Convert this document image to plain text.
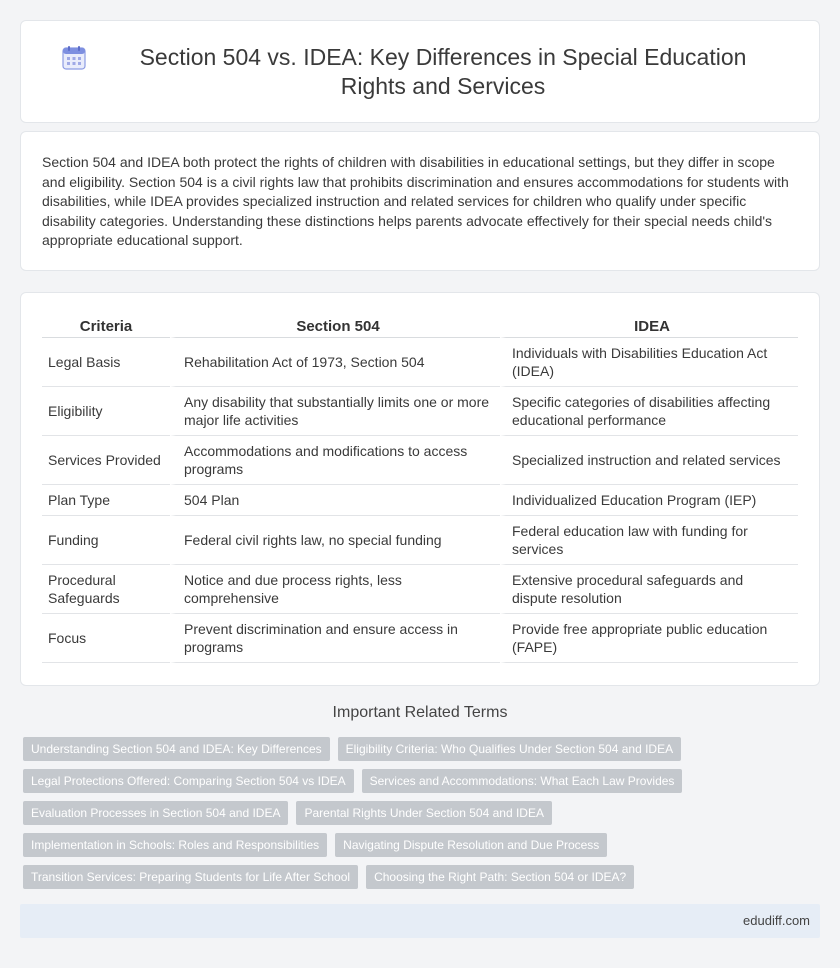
Section 504 vs. IDEA: Key Differences in Special Education Rights and Services

Section 504 and IDEA both protect the rights of children with disabilities in educational settings, but they differ in scope and eligibility. Section 504 is a civil rights law that prohibits discrimination and ensures accommodations for students with disabilities, while IDEA provides specialized instruction and related services for children who qualify under specific disability categories. Understanding these distinctions helps parents advocate effectively for their special needs child's appropriate educational support.

Criteria	Section 504	IDEA
Legal Basis	Rehabilitation Act of 1973, Section 504	Individuals with Disabilities Education Act (IDEA)
Eligibility	Any disability that substantially limits one or more major life activities	Specific categories of disabilities affecting educational performance
Services Provided	Accommodations and modifications to access programs	Specialized instruction and related services
Plan Type	504 Plan	Individualized Education Program (IEP)
Funding	Federal civil rights law, no special funding	Federal education law with funding for services
Procedural Safeguards	Notice and due process rights, less comprehensive	Extensive procedural safeguards and dispute resolution
Focus	Prevent discrimination and ensure access in programs	Provide free appropriate public education (FAPE)
Important Related Terms
Understanding Section 504 and IDEA: Key Differences	Eligibility Criteria: Who Qualifies Under Section 504 and IDEA
Legal Protections Offered: Comparing Section 504 vs IDEA	Services and Accommodations: What Each Law Provides
Evaluation Processes in Section 504 and IDEA	Parental Rights Under Section 504 and IDEA
Implementation in Schools: Roles and Responsibilities	Navigating Dispute Resolution and Due Process
Transition Services: Preparing Students for Life After School	Choosing the Right Path: Section 504 or IDEA?
edudiff.com
